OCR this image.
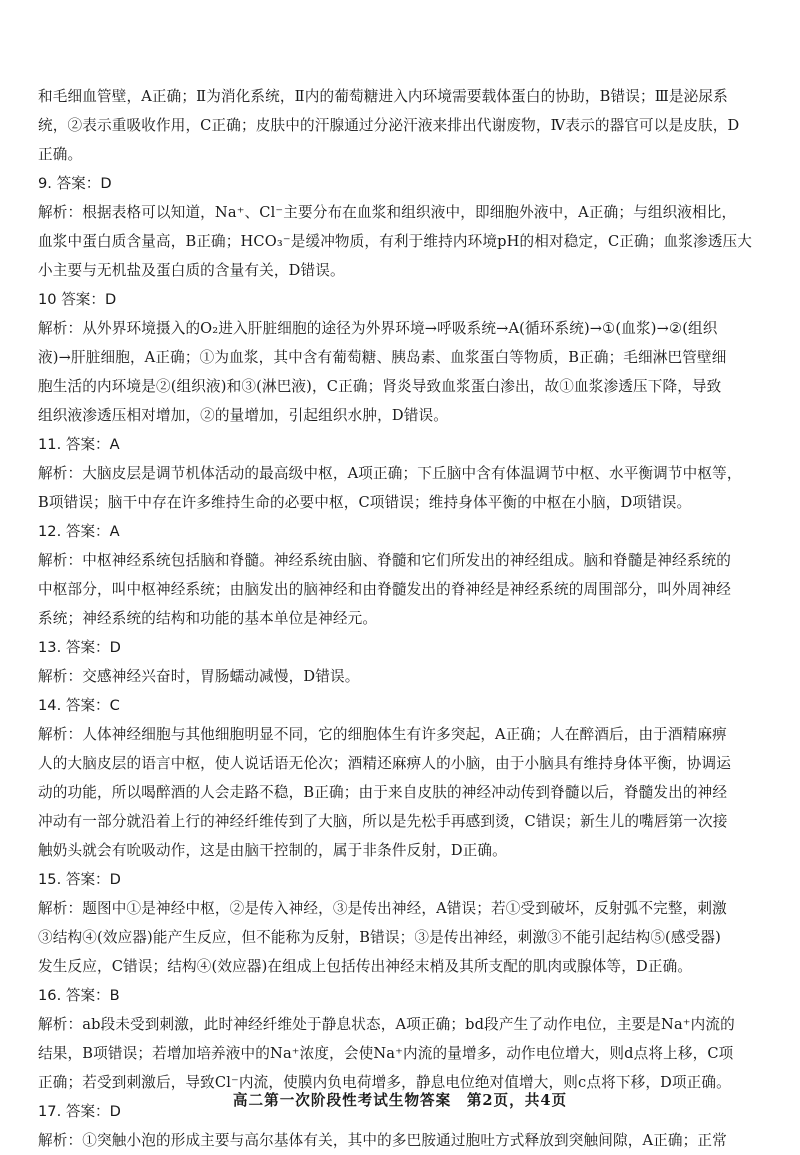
和毛细血管壁，A正确；Ⅱ为消化系统，Ⅱ内的葡萄糖进入内环境需要载体蛋白的协助，B错误；Ⅲ是泌尿系
统，②表示重吸收作用，C正确；皮肤中的汗腺通过分泌汗液来排出代谢废物，Ⅳ表示的器官可以是皮肤，D
正确。
9. 答案：D
解析：根据表格可以知道，Na⁺、Cl⁻主要分布在血浆和组织液中，即细胞外液中，A正确；与组织液相比，
血浆中蛋白质含量高，B正确；HCO₃⁻是缓冲物质，有利于维持内环境pH的相对稳定，C正确；血浆渗透压大
小主要与无机盐及蛋白质的含量有关，D错误。
10 答案：D
解析：从外界环境摄入的O₂进入肝脏细胞的途径为外界环境→呼吸系统→A(循环系统)→①(血浆)→②(组织
液)→肝脏细胞，A正确；①为血浆，其中含有葡萄糖、胰岛素、血浆蛋白等物质，B正确；毛细淋巴管壁细
胞生活的内环境是②(组织液)和③(淋巴液)，C正确；肾炎导致血浆蛋白渗出，故①血浆渗透压下降，导致
组织液渗透压相对增加，②的量增加，引起组织水肿，D错误。
11. 答案：A
解析：大脑皮层是调节机体活动的最高级中枢，A项正确；下丘脑中含有体温调节中枢、水平衡调节中枢等，
B项错误；脑干中存在许多维持生命的必要中枢，C项错误；维持身体平衡的中枢在小脑，D项错误。
12. 答案：A
解析：中枢神经系统包括脑和脊髓。神经系统由脑、脊髓和它们所发出的神经组成。脑和脊髓是神经系统的
中枢部分，叫中枢神经系统；由脑发出的脑神经和由脊髓发出的脊神经是神经系统的周围部分，叫外周神经
系统；神经系统的结构和功能的基本单位是神经元。
13. 答案：D
解析：交感神经兴奋时，胃肠蠕动减慢，D错误。
14. 答案：C
解析：人体神经细胞与其他细胞明显不同，它的细胞体生有许多突起，A正确；人在醉酒后，由于酒精麻痹
人的大脑皮层的语言中枢，使人说话语无伦次；酒精还麻痹人的小脑，由于小脑具有维持身体平衡，协调运
动的功能，所以喝醉酒的人会走路不稳，B正确；由于来自皮肤的神经冲动传到脊髓以后，脊髓发出的神经
冲动有一部分就沿着上行的神经纤维传到了大脑，所以是先松手再感到烫，C错误；新生儿的嘴唇第一次接
触奶头就会有吮吸动作，这是由脑干控制的，属于非条件反射，D正确。
15. 答案：D
解析：题图中①是神经中枢，②是传入神经，③是传出神经，A错误；若①受到破坏，反射弧不完整，刺激
③结构④(效应器)能产生反应，但不能称为反射，B错误；③是传出神经，刺激③不能引起结构⑤(感受器)
发生反应，C错误；结构④(效应器)在组成上包括传出神经末梢及其所支配的肌肉或腺体等，D正确。
16. 答案：B
解析：ab段未受到刺激，此时神经纤维处于静息状态，A项正确；bd段产生了动作电位，主要是Na⁺内流的
结果，B项错误；若增加培养液中的Na⁺浓度，会使Na⁺内流的量增多，动作电位增大，则d点将上移，C项
正确；若受到刺激后，导致Cl⁻内流，使膜内负电荷增多，静息电位绝对值增大，则c点将下移，D项正确。
17. 答案：D
解析：①突触小泡的形成主要与高尔基体有关，其中的多巴胺通过胞吐方式释放到突触间隙，A正确；正常
高二第一次阶段性考试生物答案　第2页，共4页
